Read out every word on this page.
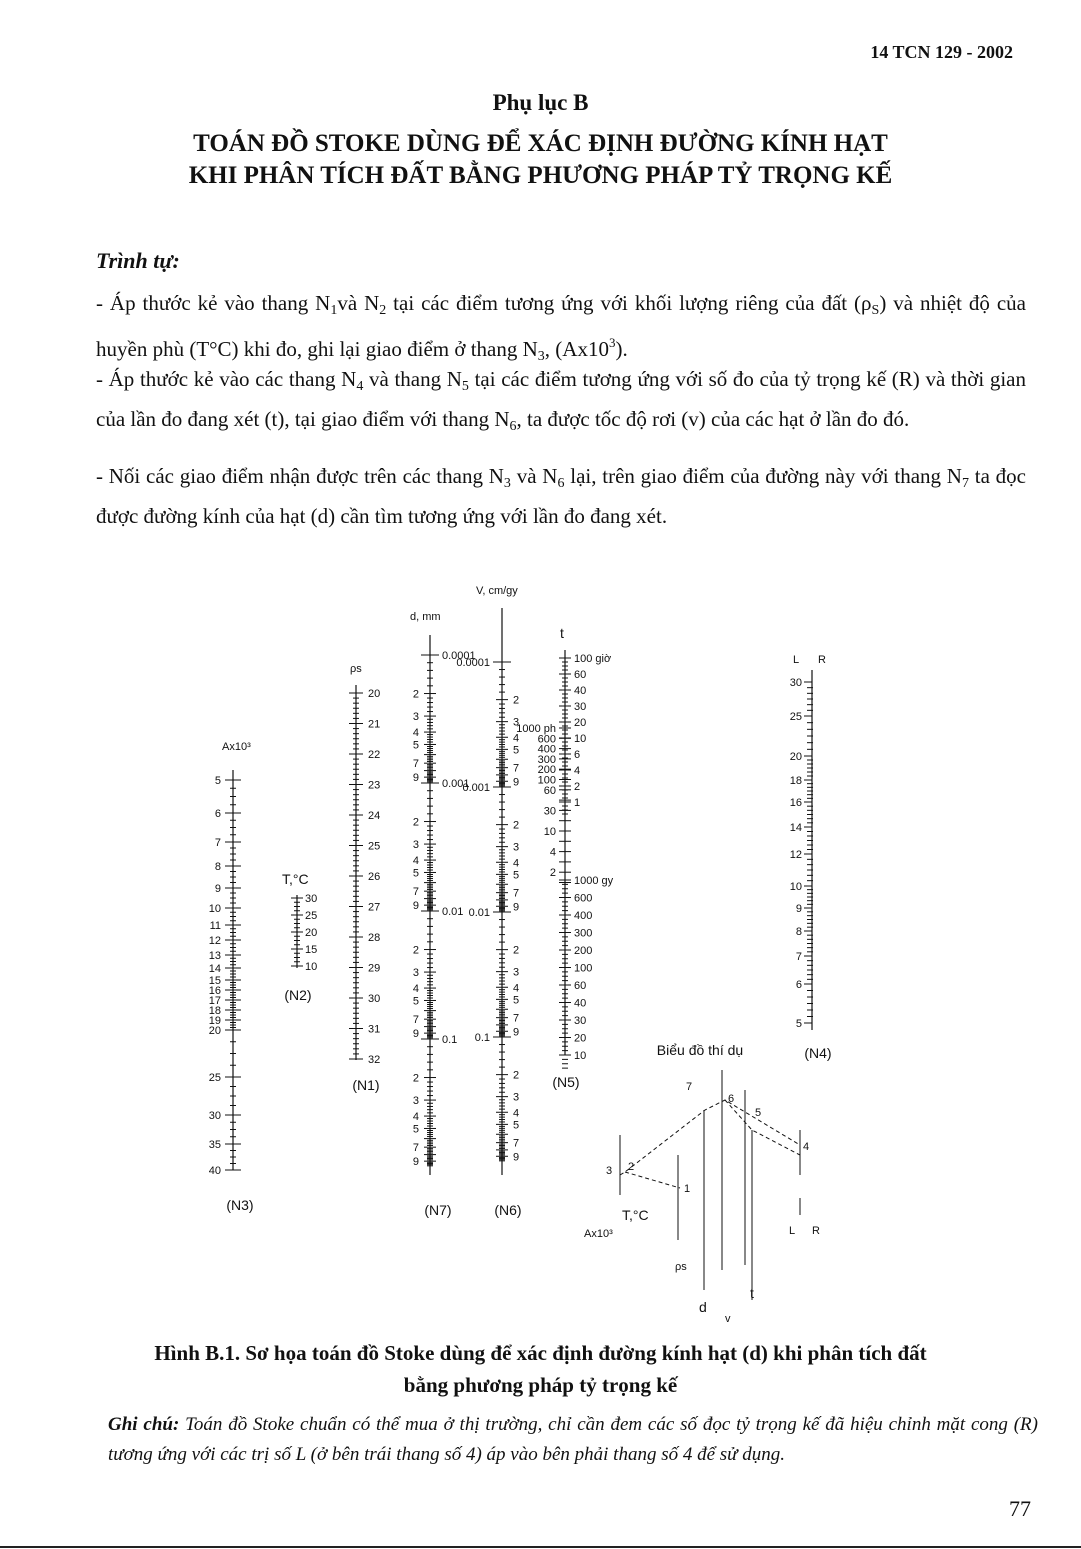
14 TCN 129 - 2002
Phụ lục B
TOÁN ĐỒ STOKE DÙNG ĐỂ XÁC ĐỊNH ĐƯỜNG KÍNH HẠT
KHI PHÂN TÍCH ĐẤT BẰNG PHƯƠNG PHÁP TỶ TRỌNG KẾ
Trình tự:

- Áp thước kẻ vào thang $N_1và$ $N_2$ tại các điểm tương ứng với khối lượng riêng của đất $(\rho_S)$ và nhiệt độ của huyền phù (T°C) khi đo, ghi lại giao điểm ở thang $N_3$, $(Ax10^3)$.

- Áp thước kẻ vào các thang $N_4$ và thang $N_5$ tại các điểm tương ứng với số đo của tỷ trọng kế (R) và thời gian của lần đo đang xét (t), tại giao điểm với thang $N_6$, ta được tốc độ rơi (v) của các hạt ở lần đo đó.

- Nối các giao điểm nhận được trên các thang $N_3$ và $N_6$ lại, trên giao điểm của đường này với thang $N_7$ ta đọc được đường kính của hạt (d) cần tìm tương ứng với lần đo đang xét.

Ax10³
5
6
7
8
9
10
11
12
13
14
15
16
17
18
19
20
25
30
35
40
(N3)
T,°C
30
25
20
15
10
(N2)
ρs
20
21
22
23
24
25
26
27
28
29
30
31
32
(N1)
d, mm
2
3
4
5
7
9
0.0001
2
3
4
5
7
9
0.001
2
3
4
5
7
9
0.01
2
3
4
5
7
9
0.1
(N7)
V, cm/gy
2
3
4
5
7
9
0.0001
2
3
4
5
7
9
0.001
2
3
4
5
7
9
0.01
2
3
4
5
7
9
0.1
(N6)
t
100 giờ
60
40
30
20
10
6
4
2
1
1000 ph
600
400
300
200
100
60
30
10
4
2
1000 gy
600
400
300
200
100
60
40
30
20
10
(N5)
L R
30
25
20
18
16
14
12
10
9
8
7
6
5
(N4)
Biểu đồ thí dụ
1
2
3
4
5
6
7
Ax10³
T,°C
ρs
d
v
t
L R
Hình B.1. Sơ họa toán đồ Stoke dùng để xác định đường kính hạt (d) khi phân tích đất
bằng phương pháp tỷ trọng kế

Ghi chú: Toán đồ Stoke chuẩn có thể mua ở thị trường, chỉ cần đem các số đọc tỷ trọng kế đã hiệu chỉnh mặt cong (R) tương ứng với các trị số L (ở bên trái thang số 4) áp vào bên phải thang số 4 để sử dụng.

77
